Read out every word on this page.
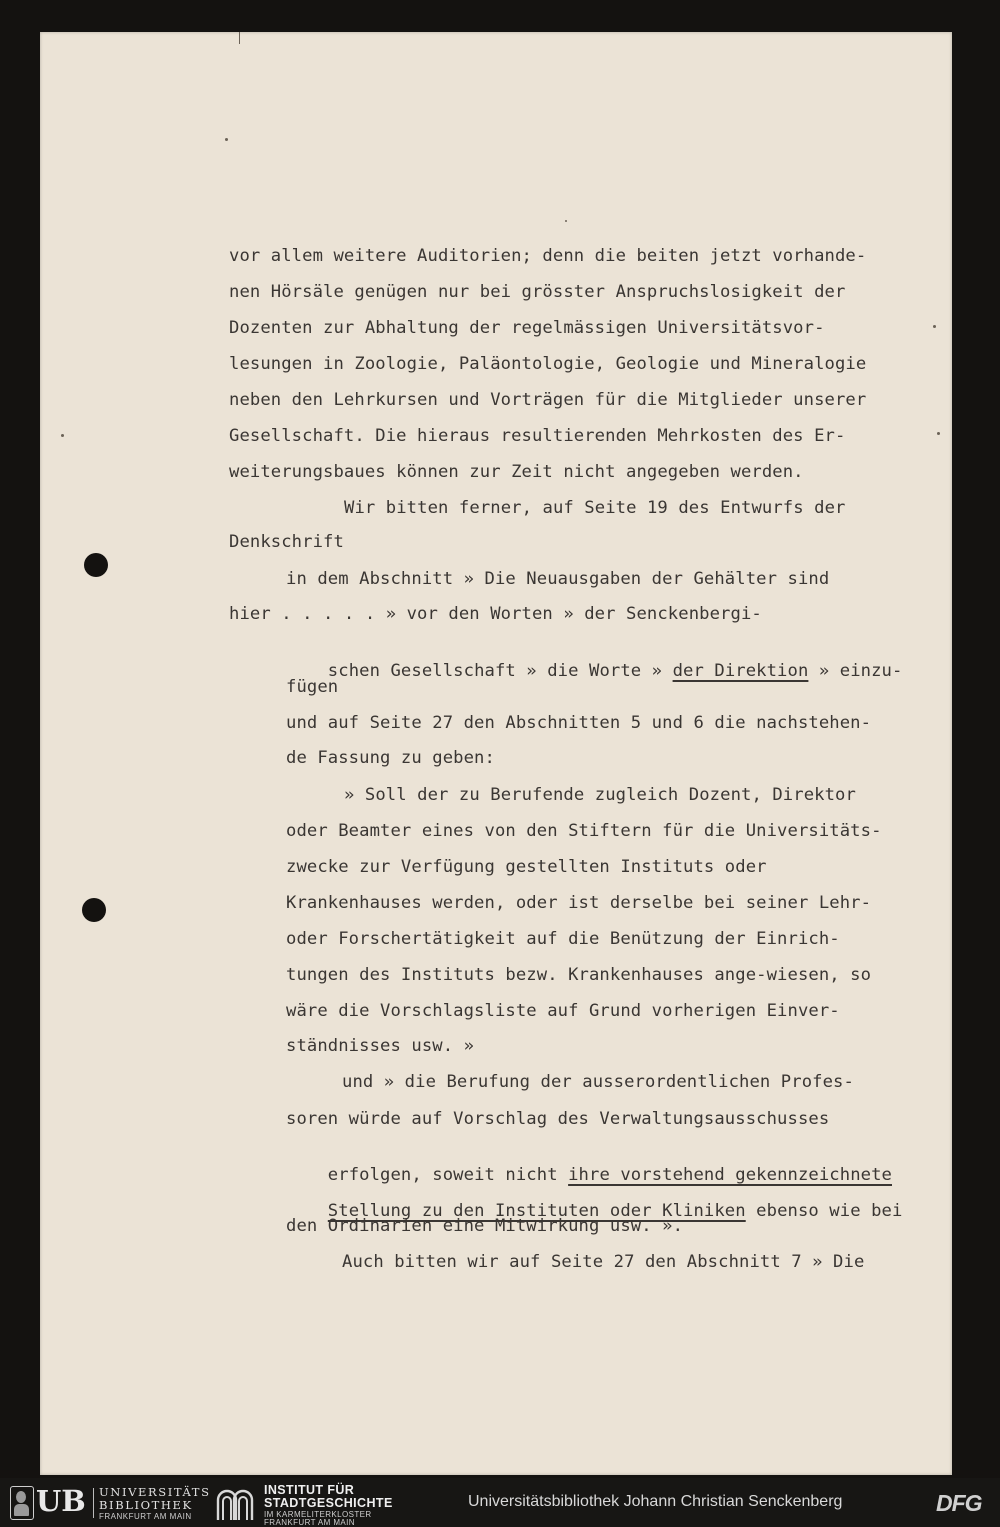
vor allem weitere Auditorien; denn die beiten jetzt vorhande-
nen Hörsäle genügen nur bei grösster Anspruchslosigkeit der
Dozenten zur Abhaltung der regelmässigen Universitätsvor-
lesungen in Zoologie, Paläontologie, Geologie und Mineralogie
neben den Lehrkursen und Vorträgen für die Mitglieder unserer
Gesellschaft. Die hieraus resultierenden Mehrkosten des Er-
weiterungsbaues können zur Zeit nicht angegeben werden.
Wir bitten ferner, auf Seite 19 des Entwurfs der
Denkschrift
in dem Abschnitt » Die Neuausgaben der Gehälter sind
hier . . . . . » vor den Worten » der Senckenbergi-

schen Gesellschaft » die Worte » der Direktion » einzu-

fügen
und auf Seite 27 den Abschnitten 5 und 6 die nachstehen-
de Fassung zu geben:
» Soll der zu Berufende zugleich Dozent, Direktor
oder Beamter eines von den Stiftern für die Universitäts-
zwecke zur Verfügung gestellten Instituts oder
Krankenhauses werden, oder ist derselbe bei seiner Lehr-
oder Forschertätigkeit auf die Benützung der Einrich-
tungen des Instituts bezw. Krankenhauses ange-wiesen, so
wäre die Vorschlagsliste auf Grund vorherigen Einver-
ständnisses usw. »
und » die Berufung der ausserordentlichen Profes-
soren würde auf Vorschlag des Verwaltungsausschusses

erfolgen, soweit nicht ihre vorstehend gekennzeichnete

Stellung zu den Instituten oder Kliniken ebenso wie bei

den Ordinarien eine Mitwirkung usw. ».
Auch bitten wir auf Seite 27 den Abschnitt 7 » Die
UB UNIVERSITÄTS
BIBLIOTHEK
FRANKFURT AM MAIN
INSTITUT FÜR
STADTGESCHICHTE
IM KARMELITERKLOSTER
FRANKFURT AM MAIN
Universitätsbibliothek Johann Christian Senckenberg	DFG
